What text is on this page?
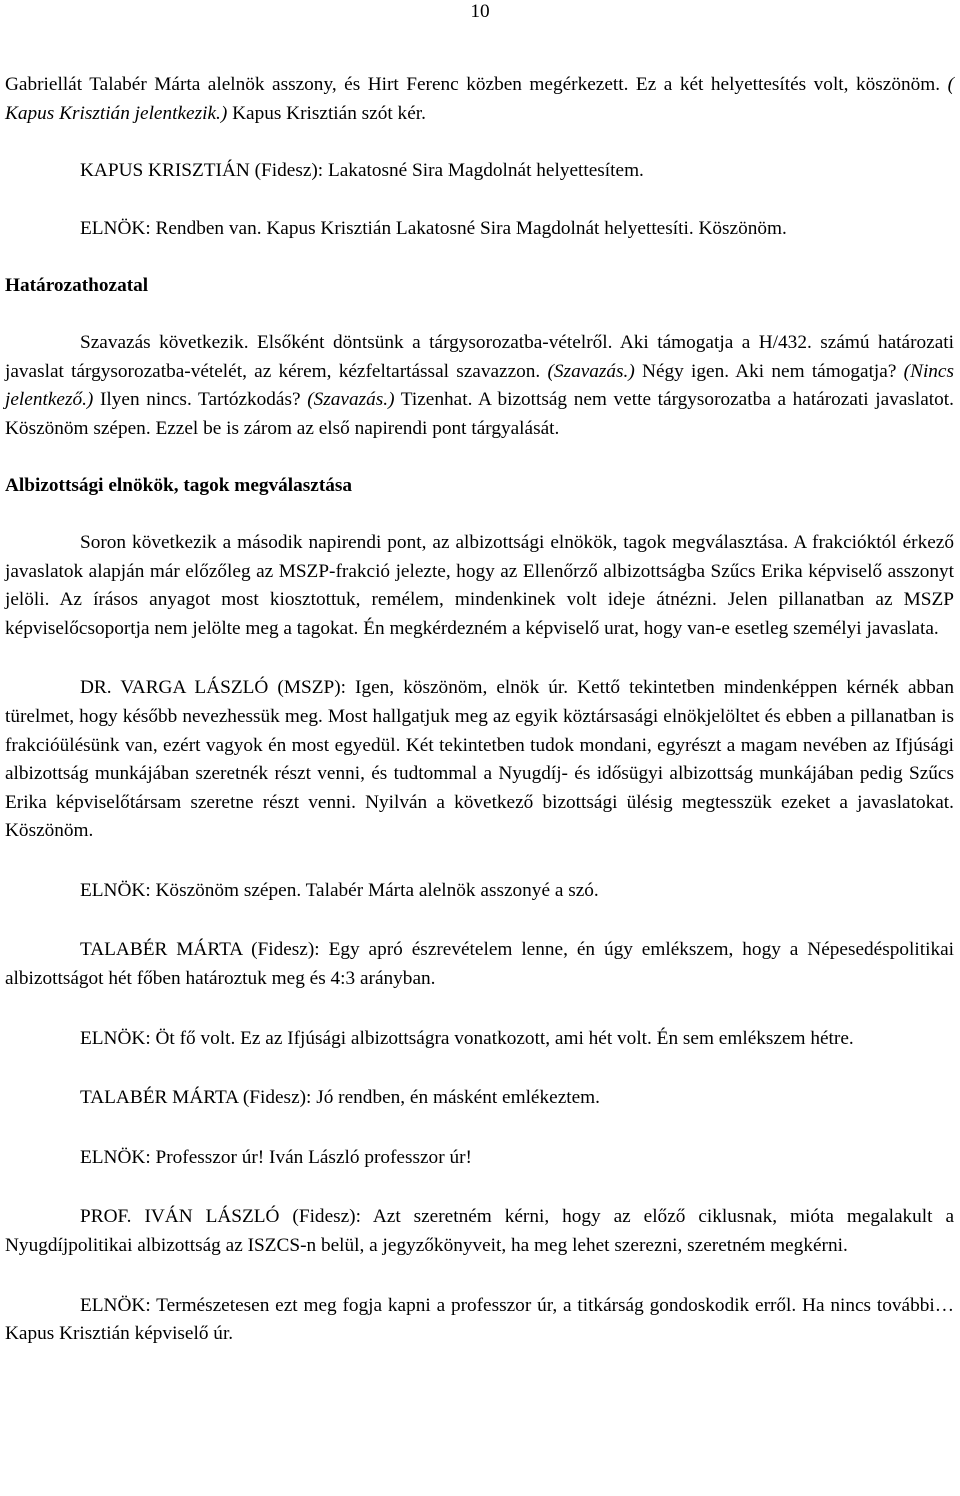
10

Gabriellát Talabér Márta alelnök asszony, és Hirt Ferenc közben megérkezett. Ez a két helyettesítés volt, köszönöm. ( Kapus Krisztián jelentkezik.) Kapus Krisztián szót kér.

KAPUS KRISZTIÁN (Fidesz): Lakatosné Sira Magdolnát helyettesítem.

ELNÖK: Rendben van. Kapus Krisztián Lakatosné Sira Magdolnát helyettesíti. Köszönöm.

Határozathozatal

Szavazás következik. Elsőként döntsünk a tárgysorozatba-vételről. Aki támogatja a H/432. számú határozati javaslat tárgysorozatba-vételét, az kérem, kézfeltartással szavazzon. (Szavazás.) Négy igen. Aki nem támogatja? (Nincs jelentkező.) Ilyen nincs. Tartózkodás? (Szavazás.) Tizenhat. A bizottság nem vette tárgysorozatba a határozati javaslatot. Köszönöm szépen. Ezzel be is zárom az első napirendi pont tárgyalását.

Albizottsági elnökök, tagok megválasztása

Soron következik a második napirendi pont, az albizottsági elnökök, tagok megválasztása. A frakcióktól érkező javaslatok alapján már előzőleg az MSZP-frakció jelezte, hogy az Ellenőrző albizottságba Szűcs Erika képviselő asszonyt jelöli. Az írásos anyagot most kiosztottuk, remélem, mindenkinek volt ideje átnézni. Jelen pillanatban az MSZP képviselőcsoportja nem jelölte meg a tagokat. Én megkérdezném a képviselő urat, hogy van-e esetleg személyi javaslata.

DR. VARGA LÁSZLÓ (MSZP): Igen, köszönöm, elnök úr. Kettő tekintetben mindenképpen kérnék abban türelmet, hogy később nevezhessük meg. Most hallgatjuk meg az egyik köztársasági elnökjelöltet és ebben a pillanatban is frakcióülésünk van, ezért vagyok én most egyedül. Két tekintetben tudok mondani, egyrészt a magam nevében az Ifjúsági albizottság munkájában szeretnék részt venni, és tudtommal a Nyugdíj- és idősügyi albizottság munkájában pedig Szűcs Erika képviselőtársam szeretne részt venni. Nyilván a következő bizottsági ülésig megtesszük ezeket a javaslatokat. Köszönöm.

ELNÖK: Köszönöm szépen. Talabér Márta alelnök asszonyé a szó.

TALABÉR MÁRTA (Fidesz): Egy apró észrevételem lenne, én úgy emlékszem, hogy a Népesedéspolitikai albizottságot hét főben határoztuk meg és 4:3 arányban.

ELNÖK: Öt fő volt. Ez az Ifjúsági albizottságra vonatkozott, ami hét volt. Én sem emlékszem hétre.

TALABÉR MÁRTA (Fidesz): Jó rendben, én másként emlékeztem.

ELNÖK: Professzor úr! Iván László professzor úr!

PROF. IVÁN LÁSZLÓ (Fidesz): Azt szeretném kérni, hogy az előző ciklusnak, mióta megalakult a Nyugdíjpolitikai albizottság az ISZCS-n belül, a jegyzőkönyveit, ha meg lehet szerezni, szeretném megkérni.

ELNÖK: Természetesen ezt meg fogja kapni a professzor úr, a titkárság gondoskodik erről. Ha nincs további… Kapus Krisztián képviselő úr.
